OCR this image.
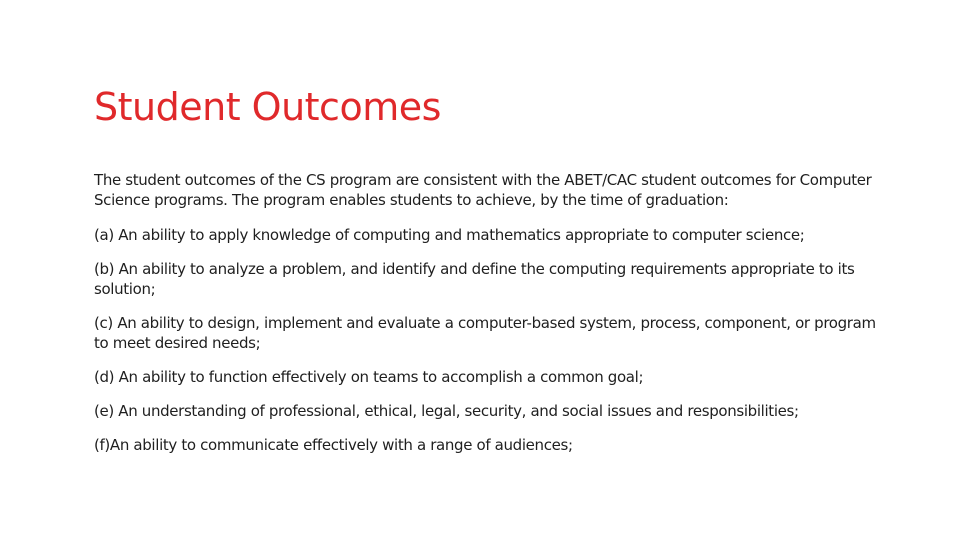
Student Outcomes

The student outcomes of the CS program are consistent with the ABET/CAC student outcomes for Computer Science programs. The program enables students to achieve, by the time of graduation:

(a) An ability to apply knowledge of computing and mathematics appropriate to computer science;

(b) An ability to analyze a problem, and identify and define the computing requirements appropriate to its solution;

(c) An ability to design, implement and evaluate a computer-based system, process, component, or program to meet desired needs;

(d) An ability to function effectively on teams to accomplish a common goal;

(e) An understanding of professional, ethical, legal, security, and social issues and responsibilities;

(f)An ability to communicate effectively with a range of audiences;
